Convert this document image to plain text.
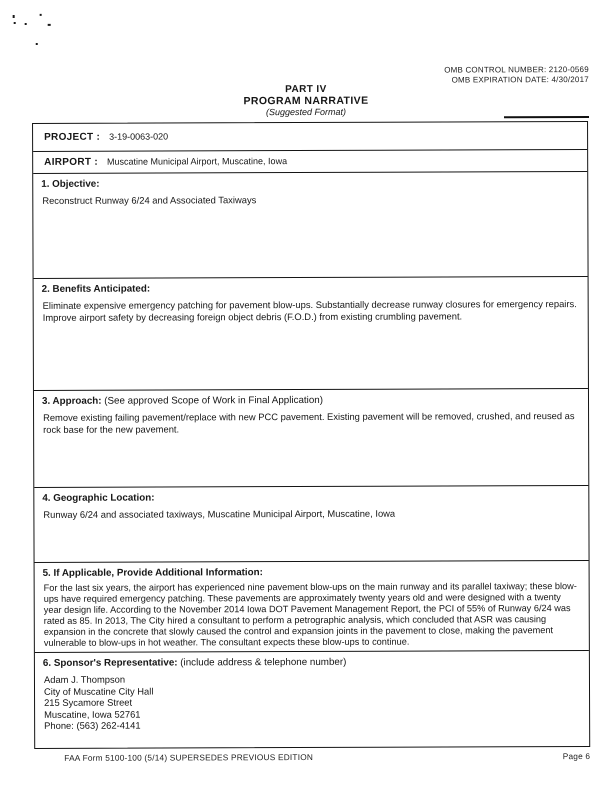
OMB CONTROL NUMBER: 2120-0569
OMB EXPIRATION DATE: 4/30/2017
PART IV
PROGRAM NARRATIVE
(Suggested Format)
PROJECT : 3-19-0063-020
AIRPORT : Muscatine Municipal Airport, Muscatine, Iowa
1. Objective:
Reconstruct Runway 6/24 and Associated Taxiways
2. Benefits Anticipated:
Eliminate expensive emergency patching for pavement blow-ups. Substantially decrease runway closures for emergency repairs. Improve airport safety by decreasing foreign object debris (F.O.D.) from existing crumbling pavement.
3. Approach: (See approved Scope of Work in Final Application)
Remove existing failing pavement/replace with new PCC pavement. Existing pavement will be removed, crushed, and reused as rock base for the new pavement.
4. Geographic Location:
Runway 6/24 and associated taxiways, Muscatine Municipal Airport, Muscatine, Iowa
5. If Applicable, Provide Additional Information:
For the last six years, the airport has experienced nine pavement blow-ups on the main runway and its parallel taxiway; these blow-ups have required emergency patching. These pavements are approximately twenty years old and were designed with a twenty year design life. According to the November 2014 Iowa DOT Pavement Management Report, the PCI of 55% of Runway 6/24 was rated as 85. In 2013, The City hired a consultant to perform a petrographic analysis, which concluded that ASR was causing expansion in the concrete that slowly caused the control and expansion joints in the pavement to close, making the pavement vulnerable to blow-ups in hot weather. The consultant expects these blow-ups to continue.
6. Sponsor's Representative: (include address & telephone number)
Adam J. Thompson
City of Muscatine City Hall
215 Sycamore Street
Muscatine, Iowa 52761
Phone: (563) 262-4141
FAA Form 5100-100 (5/14) SUPERSEDES PREVIOUS EDITION	Page 6
